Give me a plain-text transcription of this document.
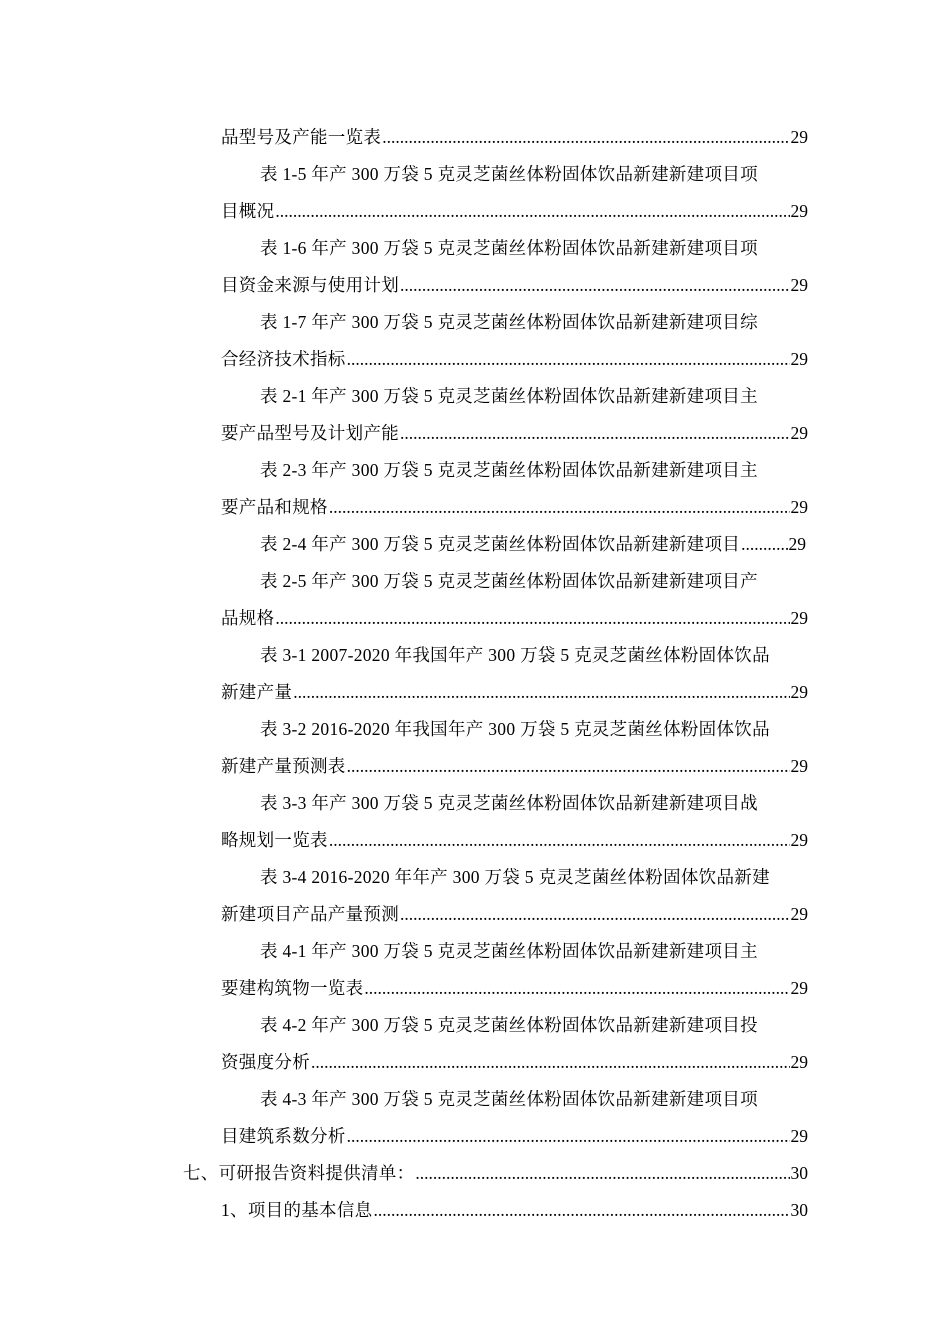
品型号及产能一览表 .....	29
表 1-5 年产 300 万袋 5 克灵芝菌丝体粉固体饮品新建新建项目项
目概况 .....	29
表 1-6 年产 300 万袋 5 克灵芝菌丝体粉固体饮品新建新建项目项
目资金来源与使用计划 .....	29
表 1-7 年产 300 万袋 5 克灵芝菌丝体粉固体饮品新建新建项目综
合经济技术指标 .....	29
表 2-1 年产 300 万袋 5 克灵芝菌丝体粉固体饮品新建新建项目主
要产品型号及计划产能 .....	29
表 2-3 年产 300 万袋 5 克灵芝菌丝体粉固体饮品新建新建项目主
要产品和规格 .....	29
表 2-4 年产 300 万袋 5 克灵芝菌丝体粉固体饮品新建新建项目 .....	29
表 2-5 年产 300 万袋 5 克灵芝菌丝体粉固体饮品新建新建项目产
品规格 .....	29
表 3-1 2007-2020 年我国年产 300 万袋 5 克灵芝菌丝体粉固体饮品
新建产量 .....	29
表 3-2 2016-2020 年我国年产 300 万袋 5 克灵芝菌丝体粉固体饮品
新建产量预测表 .....	29
表 3-3 年产 300 万袋 5 克灵芝菌丝体粉固体饮品新建新建项目战
略规划一览表 .....	29
表 3-4 2016-2020 年年产 300 万袋 5 克灵芝菌丝体粉固体饮品新建
新建项目产品产量预测 .....	29
表 4-1 年产 300 万袋 5 克灵芝菌丝体粉固体饮品新建新建项目主
要建构筑物一览表 .....	29
表 4-2 年产 300 万袋 5 克灵芝菌丝体粉固体饮品新建新建项目投
资强度分析 .....	29
表 4-3 年产 300 万袋 5 克灵芝菌丝体粉固体饮品新建新建项目项
目建筑系数分析 .....	29
七、可研报告资料提供清单： .....	30
1、项目的基本信息 .....	30
